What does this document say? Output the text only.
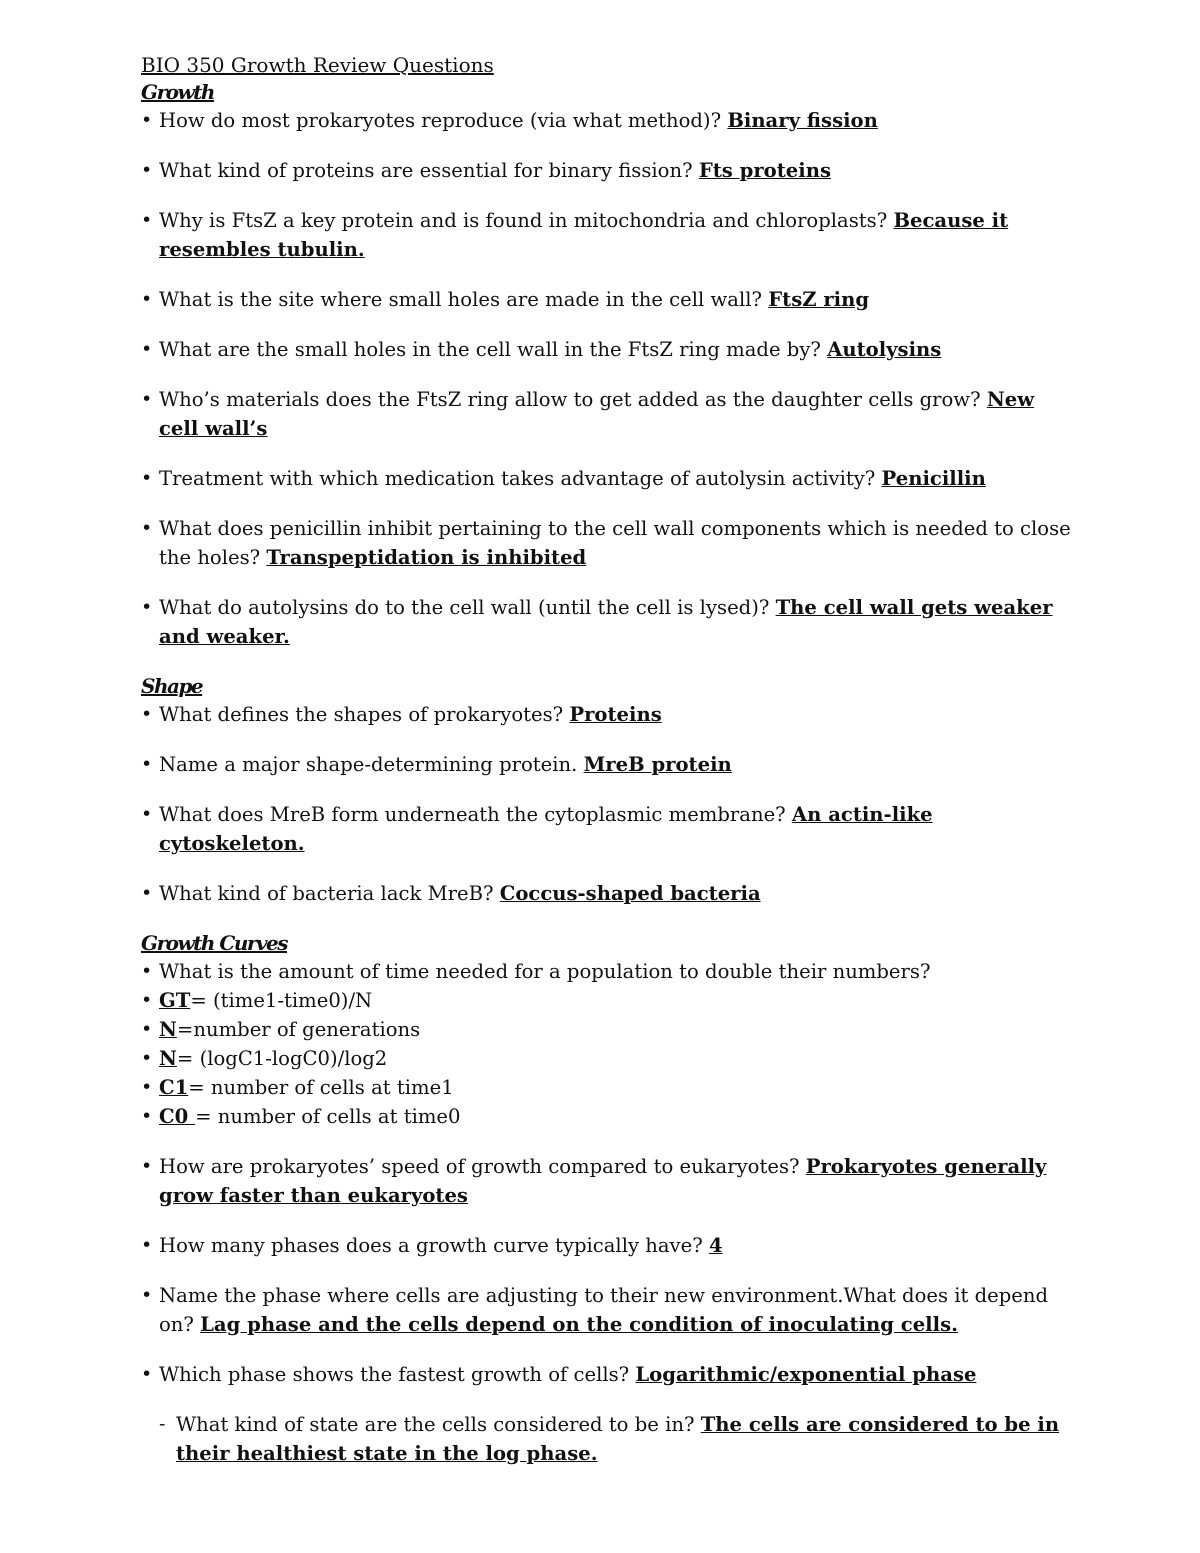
BIO 350 Growth Review Questions

Growth

• How do most prokaryotes reproduce (via what method)? Binary fission

• What kind of proteins are essential for binary fission? Fts proteins

• Why is FtsZ a key protein and is found in mitochondria and chloroplasts? Because it resembles tubulin.

• What is the site where small holes are made in the cell wall? FtsZ ring

• What are the small holes in the cell wall in the FtsZ ring made by? Autolysins

• Who’s materials does the FtsZ ring allow to get added as the daughter cells grow? New cell wall’s

• Treatment with which medication takes advantage of autolysin activity? Penicillin

• What does penicillin inhibit pertaining to the cell wall components which is needed to close the holes? Transpeptidation is inhibited

• What do autolysins do to the cell wall (until the cell is lysed)? The cell wall gets weaker and weaker.

Shape

• What defines the shapes of prokaryotes? Proteins

• Name a major shape-determining protein. MreB protein

• What does MreB form underneath the cytoplasmic membrane? An actin-like cytoskeleton.

• What kind of bacteria lack MreB? Coccus-shaped bacteria

Growth Curves

• What is the amount of time needed for a population to double their numbers?

• GT= (time1-time0)/N

• N=number of generations

• N= (logC1-logC0)/log2

• C1= number of cells at time1

• C0 = number of cells at time0

• How are prokaryotes’ speed of growth compared to eukaryotes? Prokaryotes generally grow faster than eukaryotes

• How many phases does a growth curve typically have? 4

• Name the phase where cells are adjusting to their new environment.What does it depend on? Lag phase and the cells depend on the condition of inoculating cells.

• Which phase shows the fastest growth of cells? Logarithmic/exponential phase

- What kind of state are the cells considered to be in? The cells are considered to be in their healthiest state in the log phase.
